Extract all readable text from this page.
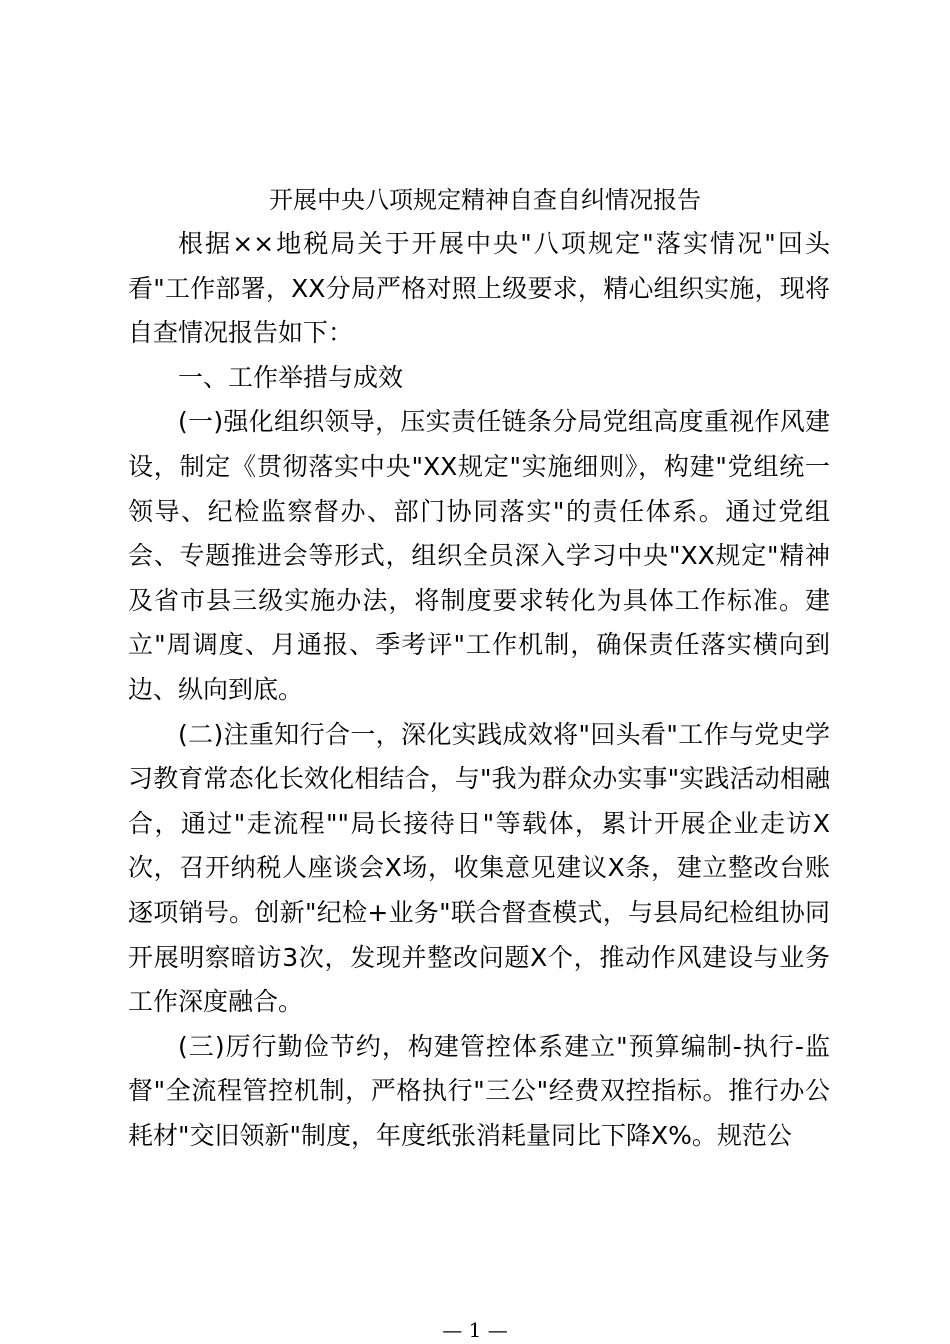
开展中央八项规定精神自查自纠情况报告

根据××地税局关于开展中央"八项规定"落实情况"回头看"工作部署，XX分局严格对照上级要求，精心组织实施，现将自查情况报告如下：

一、工作举措与成效

(一)强化组织领导，压实责任链条分局党组高度重视作风建设，制定《贯彻落实中央"XX规定"实施细则》，构建"党组统一领导、纪检监察督办、部门协同落实"的责任体系。通过党组会、专题推进会等形式，组织全员深入学习中央"XX规定"精神及省市县三级实施办法，将制度要求转化为具体工作标准。建立"周调度、月通报、季考评"工作机制，确保责任落实横向到边、纵向到底。

(二)注重知行合一，深化实践成效将"回头看"工作与党史学习教育常态化长效化相结合，与"我为群众办实事"实践活动相融合，通过"走流程""局长接待日"等载体，累计开展企业走访X次，召开纳税人座谈会X场，收集意见建议X条，建立整改台账逐项销号。创新"纪检+业务"联合督查模式，与县局纪检组协同开展明察暗访3次，发现并整改问题X个，推动作风建设与业务工作深度融合。

(三)厉行勤俭节约，构建管控体系建立"预算编制-执行-监督"全流程管控机制，严格执行"三公"经费双控指标。推行办公耗材"交旧领新"制度，年度纸张消耗量同比下降X%。规范公

— 1 —
